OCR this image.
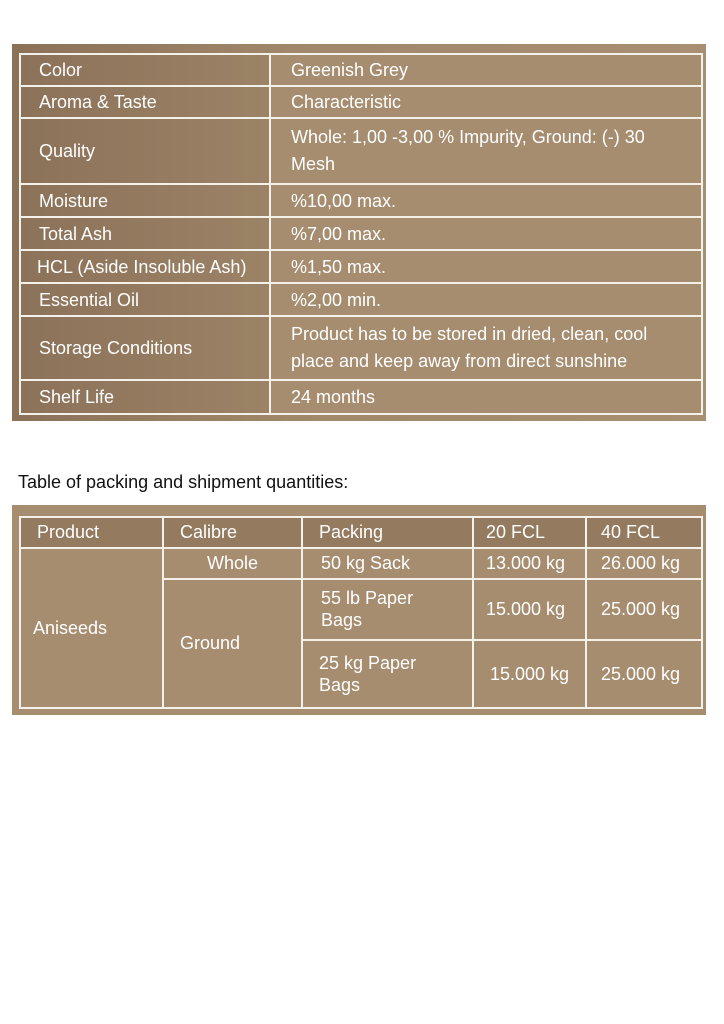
Color	Greenish Grey
Aroma & Taste	Characteristic
Quality	Whole: 1,00 -3,00 % Impurity, Ground: (-) 30 Mesh
Moisture	%10,00 max.
Total Ash	%7,00 max.
HCL (Aside Insoluble Ash)	%1,50 max.
Essential Oil	%2,00 min.
Storage Conditions	Product has to be stored in dried, clean, cool place and keep away from direct sunshine
Shelf Life	24 months
Table of packing and shipment quantities:
Product	Calibre	Packing	20 FCL	40 FCL
Aniseeds	Whole	50 kg Sack	13.000 kg	26.000 kg
	Ground	55 lb Paper Bags	15.000 kg	25.000 kg
		25 kg Paper Bags	15.000 kg	25.000 kg
